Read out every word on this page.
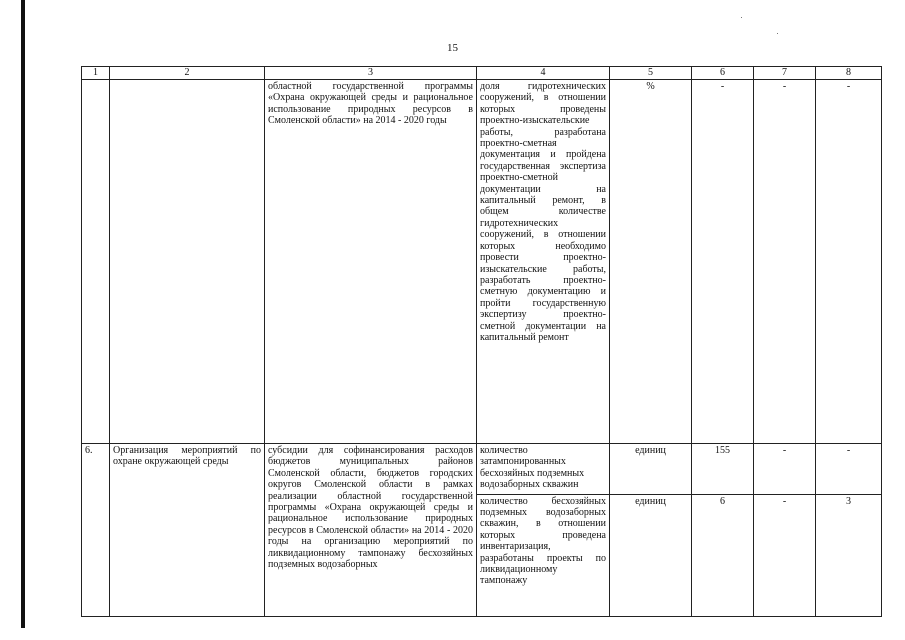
15
1	2	3	4	5	6	7	8
		областной государственной программы «Охрана окружающей среды и рациональное использование природных ресурсов в Смоленской области» на 2014 - 2020 годы	доля гидротехнических сооружений, в отношении которых проведены проектно-изыскательские работы, разработана проектно-сметная документация и пройдена государственная экспертиза проектно-сметной документации на капитальный ремонт, в общем количестве гидротехнических сооружений, в отношении которых необходимо провести проектно-изыскательские работы, разработать проектно-сметную документацию и пройти государственную экспертизу проектно-сметной документации на капитальный ремонт	%	-	-	-
6.	Организация мероприятий по охране окружающей среды	субсидии для софинансирования расходов бюджетов муниципальных районов Смоленской области, бюджетов городских округов Смоленской области в рамках реализации областной государственной программы «Охрана окружающей среды и рациональное использование природных ресурсов в Смоленской области» на 2014 - 2020 годы на организацию мероприятий по ликвидационному тампонажу бесхозяйных подземных водозаборных	количество затампонированных бесхозяйных подземных водозаборных скважин	единиц	155	-	-
			количество бесхозяйных подземных водозаборных скважин, в отношении которых проведена инвентаризация, разработаны проекты по ликвидационному тампонажу	единиц	6	-	3
